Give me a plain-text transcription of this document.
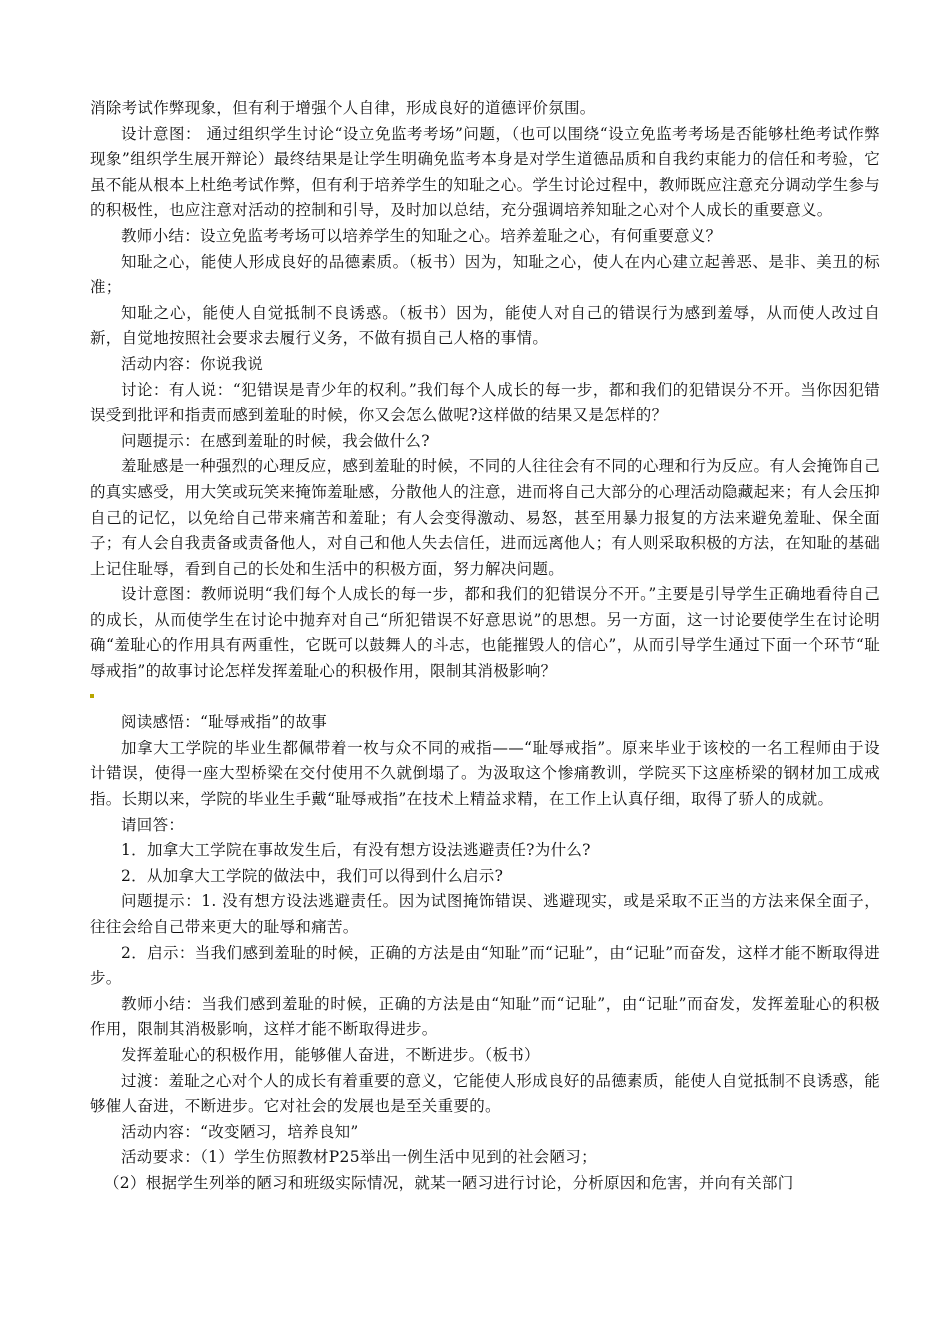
消除考试作弊现象，但有利于增强个人自律，形成良好的道德评价氛围。

设计意图： 通过组织学生讨论“设立免监考考场”问题，（也可以围绕“设立免监考考场是否能够杜绝考试作弊现象”组织学生展开辩论）最终结果是让学生明确免监考本身是对学生道德品质和自我约束能力的信任和考验，它虽不能从根本上杜绝考试作弊，但有利于培养学生的知耻之心。学生讨论过程中，教师既应注意充分调动学生参与的积极性，也应注意对活动的控制和引导，及时加以总结，充分强调培养知耻之心对个人成长的重要意义。

教师小结：设立免监考考场可以培养学生的知耻之心。培养羞耻之心，有何重要意义？

知耻之心，能使人形成良好的品德素质。（板书）因为，知耻之心，使人在内心建立起善恶、是非、美丑的标准；

知耻之心，能使人自觉抵制不良诱惑。（板书）因为，能使人对自己的错误行为感到羞辱，从而使人改过自新，自觉地按照社会要求去履行义务，不做有损自己人格的事情。

活动内容：你说我说

讨论：有人说：“犯错误是青少年的权利。”我们每个人成长的每一步，都和我们的犯错误分不开。当你因犯错误受到批评和指责而感到羞耻的时候，你又会怎么做呢?这样做的结果又是怎样的？

问题提示：在感到羞耻的时候，我会做什么?

羞耻感是一种强烈的心理反应，感到羞耻的时候，不同的人往往会有不同的心理和行为反应。有人会掩饰自己的真实感受，用大笑或玩笑来掩饰羞耻感，分散他人的注意，进而将自己大部分的心理活动隐藏起来；有人会压抑自己的记忆，以免给自己带来痛苦和羞耻；有人会变得激动、易怒，甚至用暴力报复的方法来避免羞耻、保全面子；有人会自我责备或责备他人，对自己和他人失去信任，进而远离他人；有人则采取积极的方法，在知耻的基础上记住耻辱，看到自己的长处和生活中的积极方面，努力解决问题。

设计意图：教师说明“我们每个人成长的每一步，都和我们的犯错误分不开。”主要是引导学生正确地看待自己的成长，从而使学生在讨论中抛弃对自己“所犯错误不好意思说”的思想。另一方面，这一讨论要使学生在讨论明确“羞耻心的作用具有两重性，它既可以鼓舞人的斗志，也能摧毁人的信心”，从而引导学生通过下面一个环节“耻辱戒指”的故事讨论怎样发挥羞耻心的积极作用，限制其消极影响？

阅读感悟：“耻辱戒指”的故事

加拿大工学院的毕业生都佩带着一枚与众不同的戒指——“耻辱戒指”。原来毕业于该校的一名工程师由于设计错误，使得一座大型桥梁在交付使用不久就倒塌了。为汲取这个惨痛教训，学院买下这座桥梁的钢材加工成戒指。长期以来，学院的毕业生手戴“耻辱戒指”在技术上精益求精，在工作上认真仔细，取得了骄人的成就。

请回答：

1．加拿大工学院在事故发生后，有没有想方设法逃避责任?为什么?

2．从加拿大工学院的做法中，我们可以得到什么启示?

问题提示：1. 没有想方设法逃避责任。因为试图掩饰错误、逃避现实，或是采取不正当的方法来保全面子，往往会给自己带来更大的耻辱和痛苦。

2．启示：当我们感到羞耻的时候，正确的方法是由“知耻”而“记耻”，由“记耻”而奋发，这样才能不断取得进步。

教师小结：当我们感到羞耻的时候，正确的方法是由“知耻”而“记耻”，由“记耻”而奋发，发挥羞耻心的积极作用，限制其消极影响，这样才能不断取得进步。

发挥羞耻心的积极作用，能够催人奋进，不断进步。（板书）

过渡：羞耻之心对个人的成长有着重要的意义，它能使人形成良好的品德素质，能使人自觉抵制不良诱惑，能够催人奋进，不断进步。它对社会的发展也是至关重要的。

活动内容：“改变陋习，培养良知”

活动要求：（1）学生仿照教材P25举出一例生活中见到的社会陋习；

（2）根据学生列举的陋习和班级实际情况，就某一陋习进行讨论，分析原因和危害，并向有关部门
